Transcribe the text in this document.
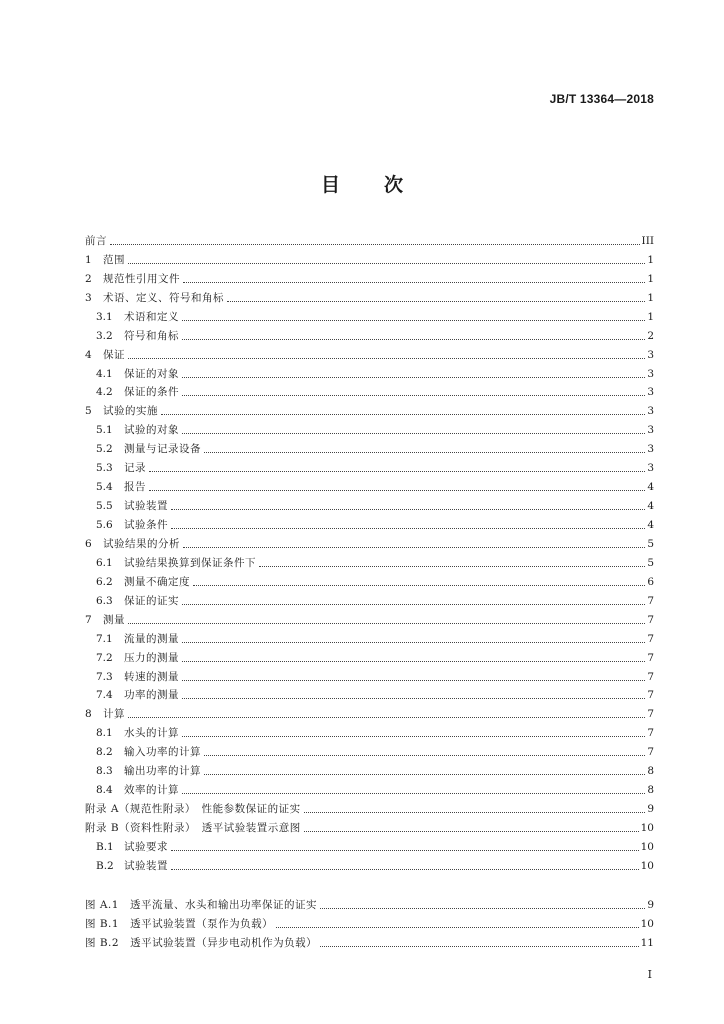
JB/T 13364—2018
目 次
前言	III
1	范围	1
2	规范性引用文件	1
3	术语、定义、符号和角标	1
3.1	术语和定义	1
3.2	符号和角标	2
4	保证	3
4.1	保证的对象	3
4.2	保证的条件	3
5	试验的实施	3
5.1	试验的对象	3
5.2	测量与记录设备	3
5.3	记录	3
5.4	报告	4
5.5	试验装置	4
5.6	试验条件	4
6	试验结果的分析	5
6.1	试验结果换算到保证条件下	5
6.2	测量不确定度	6
6.3	保证的证实	7
7	测量	7
7.1	流量的测量	7
7.2	压力的测量	7
7.3	转速的测量	7
7.4	功率的测量	7
8	计算	7
8.1	水头的计算	7
8.2	输入功率的计算	7
8.3	输出功率的计算	8
8.4	效率的计算	8
附录 A（规范性附录）　性能参数保证的证实	9
附录 B（资料性附录）　透平试验装置示意图	10
B.1 试验要求	10
B.2 试验装置	10
图 A.1　透平流量、水头和输出功率保证的证实	9
图 B.1　透平试验装置（泵作为负载）	10
图 B.2　透平试验装置（异步电动机作为负载）	11
I
